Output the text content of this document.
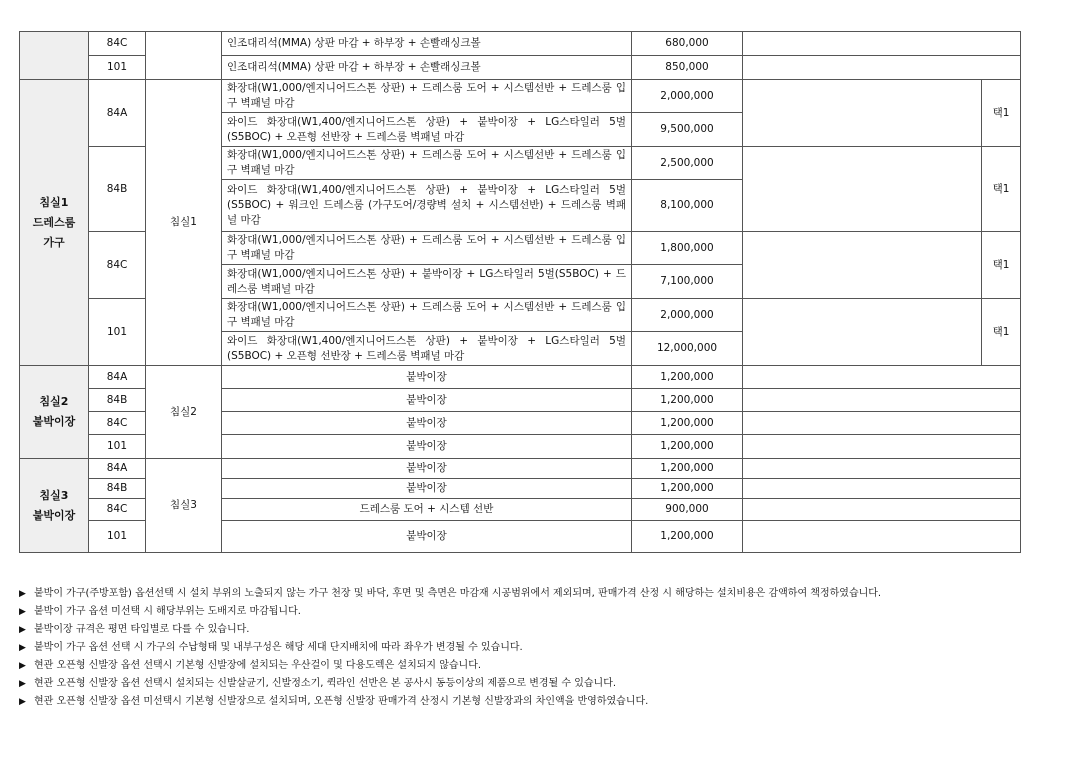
	84C		인조대리석(MMA) 상판 마감 + 하부장 + 손빨래싱크볼	680,000		
	101		인조대리석(MMA) 상판 마감 + 하부장 + 손빨래싱크볼	850,000		

침실1
드레스룸
가구	84A	침실1	화장대(W1,000/엔지니어드스톤 상판) + 드레스룸 도어 + 시스템선반 + 드레스룸 입구 벽패널 마감	2,000,000		택1
			와이드 화장대(W1,400/엔지니어드스톤 상판) + 붙박이장 + LG스타일러 5벌(S5BOC) + 오픈형 선반장 + 드레스룸 벽패널 마감	9,500,000		
	84B		화장대(W1,000/엔지니어드스톤 상판) + 드레스룸 도어 + 시스템선반 + 드레스룸 입구 벽패널 마감	2,500,000		택1
			와이드 화장대(W1,400/엔지니어드스톤 상판) + 붙박이장 + LG스타일러 5벌(S5BOC) + 워크인 드레스룸 (가구도어/경량벽 설치 + 시스템선반) + 드레스룸 벽패널 마감	8,100,000		
	84C		화장대(W1,000/엔지니어드스톤 상판) + 드레스룸 도어 + 시스템선반 + 드레스룸 입구 벽패널 마감	1,800,000		택1
			화장대(W1,000/엔지니어드스톤 상판) + 붙박이장 + LG스타일러 5벌(S5BOC) + 드레스룸 벽패널 마감	7,100,000		
	101		화장대(W1,000/엔지니어드스톤 상판) + 드레스룸 도어 + 시스템선반 + 드레스룸 입구 벽패널 마감	2,000,000		택1
			와이드 화장대(W1,400/엔지니어드스톤 상판) + 붙박이장 + LG스타일러 5벌(S5BOC) + 오픈형 선반장 + 드레스룸 벽패널 마감	12,000,000		

침실2
붙박이장	84A	침실2	붙박이장	1,200,000		
	84B		붙박이장	1,200,000		
	84C		붙박이장	1,200,000		
	101		붙박이장	1,200,000		

침실3
붙박이장	84A	침실3	붙박이장	1,200,000		
	84B		붙박이장	1,200,000		
	84C		드레스룸 도어 + 시스템 선반	900,000		
	101		붙박이장	1,200,000		
▶ 붙박이 가구(주방포함) 옵션선택 시 설치 부위의 노출되지 않는 가구 천장 및 바닥, 후면 및 측면은 마감재 시공범위에서 제외되며, 판매가격 산정 시 해당하는 설치비용은 감액하여 책정하였습니다.
▶ 붙박이 가구 옵션 미선택 시 해당부위는 도배지로 마감됩니다.
▶ 붙박이장 규격은 평면 타입별로 다를 수 있습니다.
▶ 붙박이 가구 옵션 선택 시 가구의 수납형태 및 내부구성은 해당 세대 단지배치에 따라 좌우가 변경될 수 있습니다.
▶ 현관 오픈형 신발장 옵션 선택시 기본형 신발장에 설치되는 우산걸이 및 다용도렉은 설치되지 않습니다.
▶ 현관 오픈형 신발장 옵션 선택시 설치되는 신발살균기, 신발정소기, 퀵라인 선반은 본 공사시 동등이상의 제품으로 변경될 수 있습니다.
▶ 현관 오픈형 신발장 옵션 미선택시 기본형 신발장으로 설치되며, 오픈형 신발장 판매가격 산정시 기본형 신발장과의 차인액을 반영하였습니다.
